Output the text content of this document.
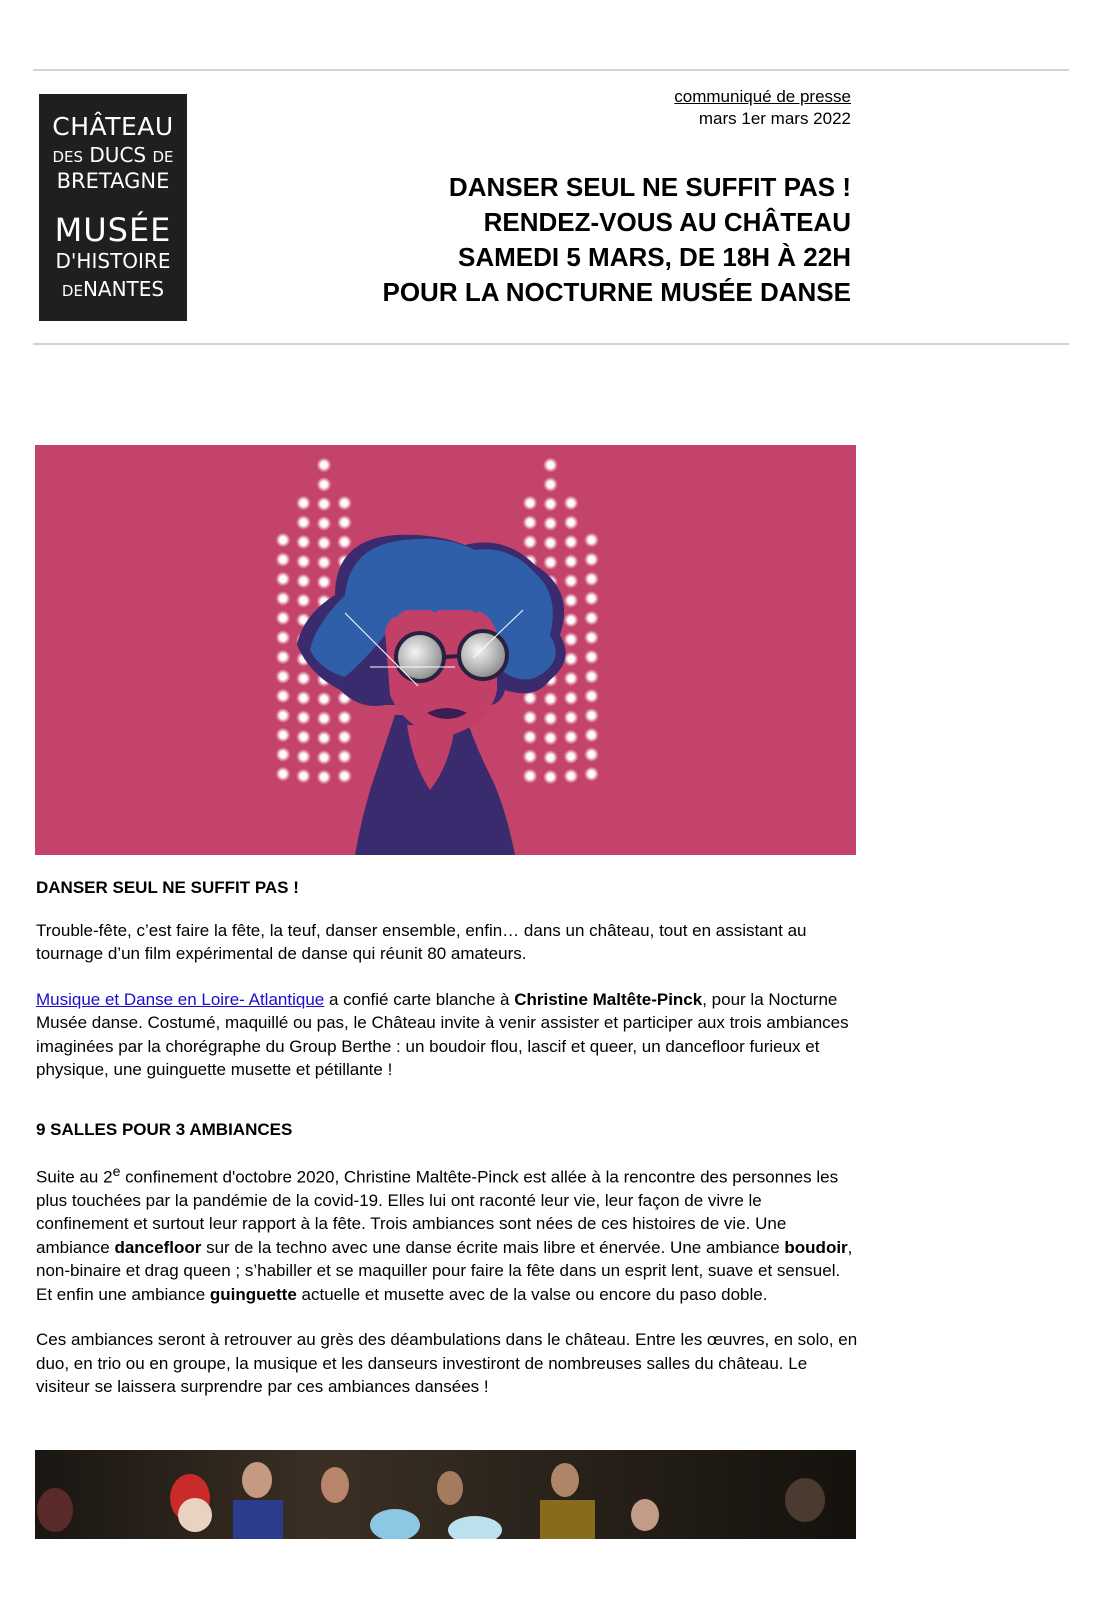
CHÂTEAU
DES DUCS DE
BRETAGNE
MUSÉE
D'HISTOIRE
DENANTES
communiqué de presse
mars 1er mars 2022
DANSER SEUL NE SUFFIT PAS !
RENDEZ-VOUS AU CHÂTEAU
SAMEDI 5 MARS, DE 18H À 22H
POUR LA NOCTURNE MUSÉE DANSE
DANSER SEUL NE SUFFIT PAS !
Trouble-fête, c’est faire la fête, la teuf, danser ensemble, enfin… dans un château, tout en assistant au tournage d’un film expérimental de danse qui réunit 80 amateurs.
Musique et Danse en Loire- Atlantique a confié carte blanche à Christine Maltête-Pinck, pour la Nocturne Musée danse. Costumé, maquillé ou pas, le Château invite à venir assister et participer aux trois ambiances imaginées par la chorégraphe du Group Berthe : un boudoir flou, lascif et queer, un dancefloor furieux et physique, une guinguette musette et pétillante !
9 SALLES POUR 3 AMBIANCES
Suite au 2e confinement d'octobre 2020, Christine Maltête-Pinck est allée à la rencontre des personnes les plus touchées par la pandémie de la covid-19. Elles lui ont raconté leur vie, leur façon de vivre le confinement et surtout leur rapport à la fête. Trois ambiances sont nées de ces histoires de vie. Une ambiance dancefloor sur de la techno avec une danse écrite mais libre et énervée. Une ambiance boudoir, non-binaire et drag queen ; s’habiller et se maquiller pour faire la fête dans un esprit lent, suave et sensuel. Et enfin une ambiance guinguette actuelle et musette avec de la valse ou encore du paso doble.
Ces ambiances seront à retrouver au grès des déambulations dans le château. Entre les œuvres, en solo, en duo, en trio ou en groupe, la musique et les danseurs investiront de nombreuses salles du château. Le visiteur se laissera surprendre par ces ambiances dansées !
